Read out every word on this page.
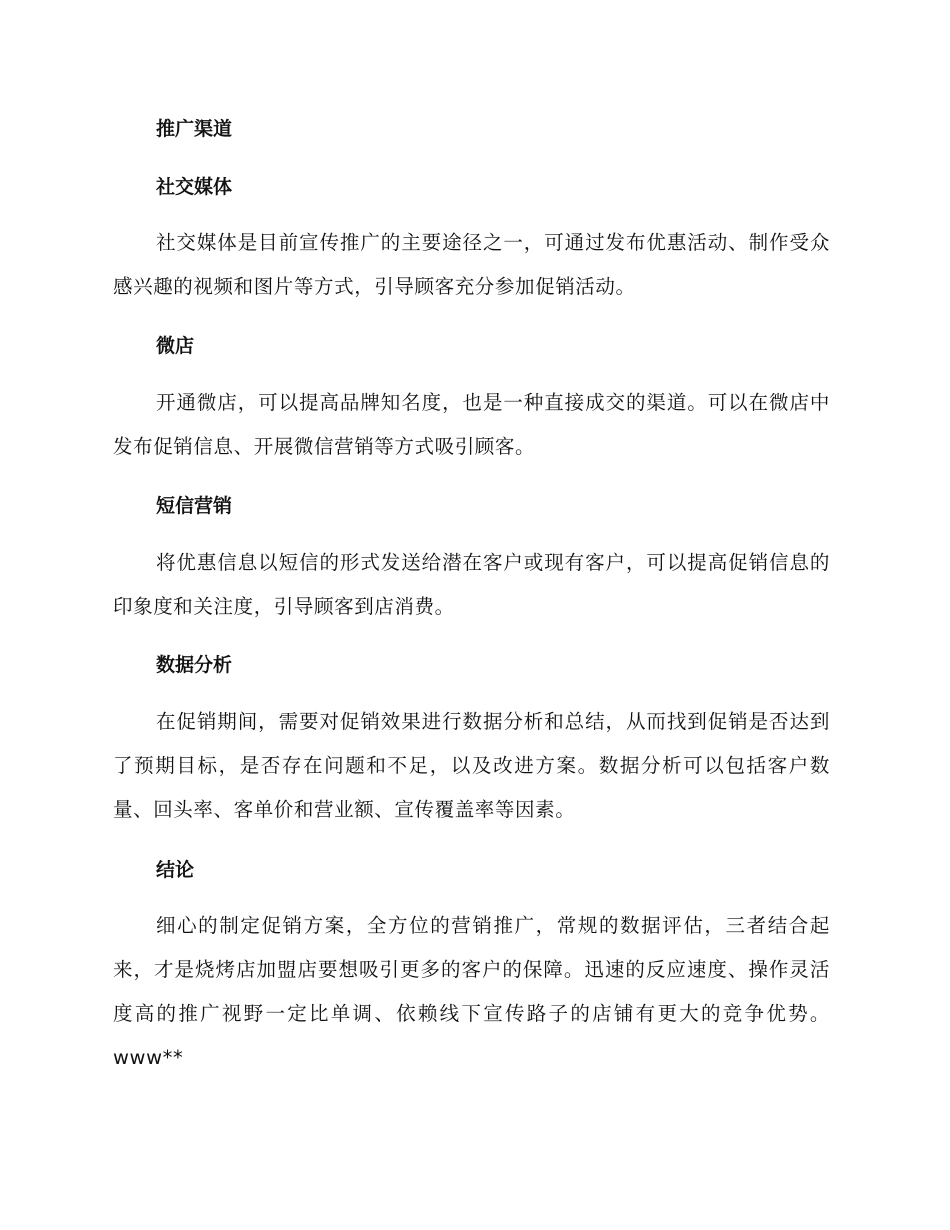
推广渠道
社交媒体
社交媒体是目前宣传推广的主要途径之一，可通过发布优惠活动、制作受众感兴趣的视频和图片等方式，引导顾客充分参加促销活动。
微店
开通微店，可以提高品牌知名度，也是一种直接成交的渠道。可以在微店中发布促销信息、开展微信营销等方式吸引顾客。
短信营销
将优惠信息以短信的形式发送给潜在客户或现有客户，可以提高促销信息的印象度和关注度，引导顾客到店消费。
数据分析
在促销期间，需要对促销效果进行数据分析和总结，从而找到促销是否达到了预期目标，是否存在问题和不足，以及改进方案。数据分析可以包括客户数量、回头率、客单价和营业额、宣传覆盖率等因素。
结论
细心的制定促销方案，全方位的营销推广，常规的数据评估，三者结合起来，才是烧烤店加盟店要想吸引更多的客户的保障。迅速的反应速度、操作灵活度高的推广视野一定比单调、依赖线下宣传路子的店铺有更大的竞争优势。www**
